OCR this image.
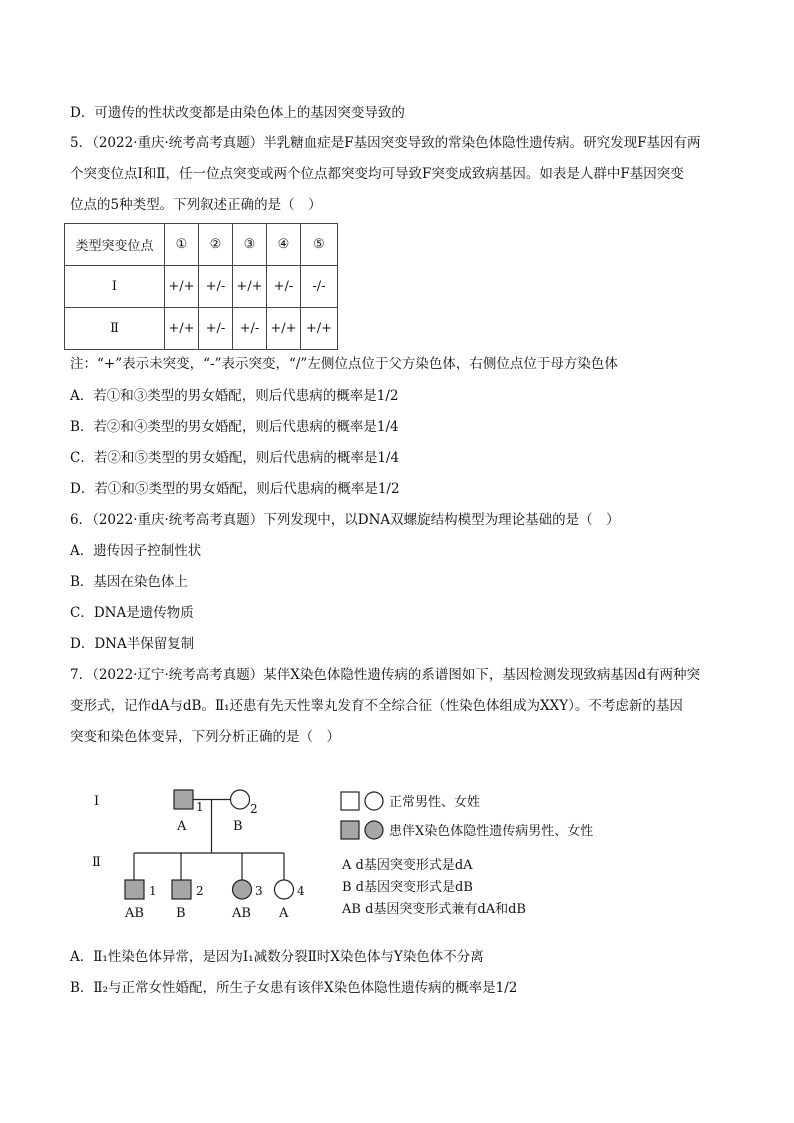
D．可遗传的性状改变都是由染色体上的基因突变导致的
5．（2022·重庆·统考高考真题）半乳糖血症是F基因突变导致的常染色体隐性遗传病。研究发现F基因有两
个突变位点Ⅰ和Ⅱ，任一位点突变或两个位点都突变均可导致F突变成致病基因。如表是人群中F基因突变
位点的5种类型。下列叙述正确的是（　）
类型突变位点	①	②	③	④	⑤
Ⅰ	+/+	+/-	+/+	+/-	-/-
Ⅱ	+/+	+/-	+/-	+/+	+/+
注：“+”表示未突变，“-”表示突变，“/”左侧位点位于父方染色体，右侧位点位于母方染色体
A．若①和③类型的男女婚配，则后代患病的概率是1/2
B．若②和④类型的男女婚配，则后代患病的概率是1/4
C．若②和⑤类型的男女婚配，则后代患病的概率是1/4
D．若①和⑤类型的男女婚配，则后代患病的概率是1/2
6．（2022·重庆·统考高考真题）下列发现中，以DNA双螺旋结构模型为理论基础的是（　）
A．遗传因子控制性状
B．基因在染色体上
C．DNA是遗传物质
D．DNA半保留复制
7．（2022·辽宁·统考高考真题）某伴X染色体隐性遗传病的系谱图如下，基因检测发现致病基因d有两种突
变形式，记作dA与dB。Ⅱ₁还患有先天性睾丸发育不全综合征（性染色体组成为XXY）。不考虑新的基因
突变和染色体变异，下列分析正确的是（　）
Ⅰ
Ⅱ
1	2
A	B
1	2	3	4
AB B	AB A
正常男性、女姓
患伴X染色体隐性遗传病男性、女性
A d基因突变形式是dA
B d基因突变形式是dB
AB d基因突变形式兼有dA和dB
A．Ⅱ₁性染色体异常，是因为Ⅰ₁减数分裂Ⅱ时X染色体与Y染色体不分离
B．Ⅱ₂与正常女性婚配，所生子女患有该伴X染色体隐性遗传病的概率是1/2
